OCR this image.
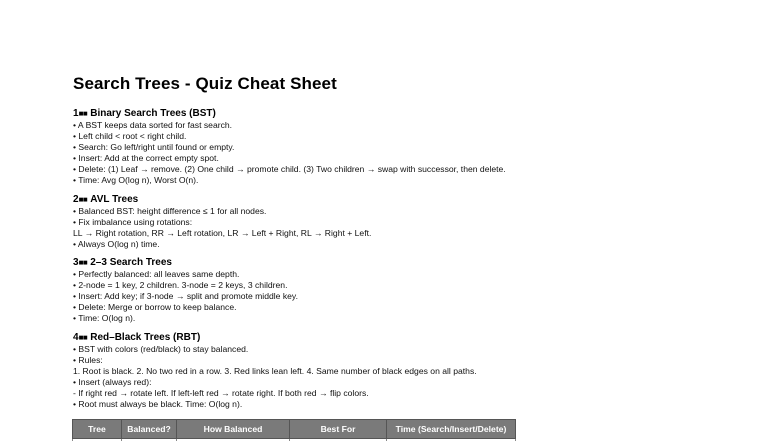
Search Trees - Quiz Cheat Sheet
1■■ Binary Search Trees (BST)
• A BST keeps data sorted for fast search.
• Left child < root < right child.
• Search: Go left/right until found or empty.
• Insert: Add at the correct empty spot.
• Delete: (1) Leaf → remove. (2) One child → promote child. (3) Two children → swap with successor, then delete.
• Time: Avg O(log n), Worst O(n).
2■■ AVL Trees
• Balanced BST: height difference ≤ 1 for all nodes.
• Fix imbalance using rotations:
LL → Right rotation, RR → Left rotation, LR → Left + Right, RL → Right + Left.
• Always O(log n) time.
3■■ 2–3 Search Trees
• Perfectly balanced: all leaves same depth.
• 2-node = 1 key, 2 children. 3-node = 2 keys, 3 children.
• Insert: Add key; if 3-node → split and promote middle key.
• Delete: Merge or borrow to keep balance.
• Time: O(log n).
4■■ Red–Black Trees (RBT)
• BST with colors (red/black) to stay balanced.
• Rules:
1. Root is black. 2. No two red in a row. 3. Red links lean left. 4. Same number of black edges on all paths.
• Insert (always red):
- If right red → rotate left. If left-left red → rotate right. If both red → flip colors.
• Root must always be black. Time: O(log n).
Tree	Balanced?	How Balanced	Best For	Time (Search/Insert/Delete)
